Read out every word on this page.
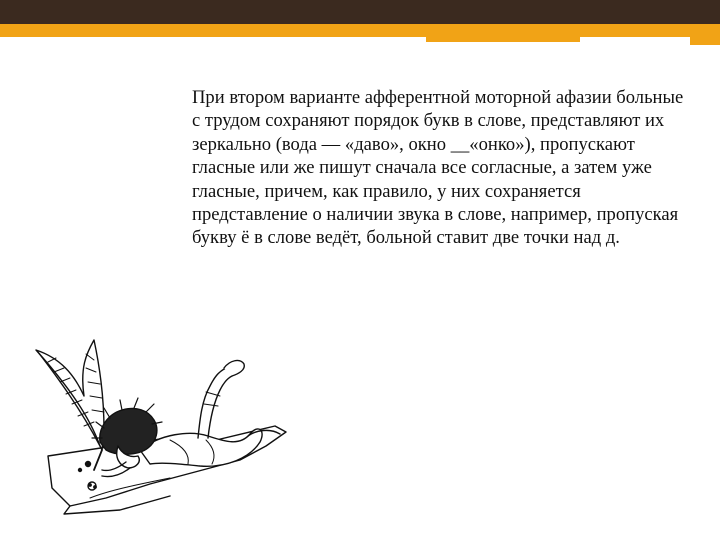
При втором варианте афферентной моторной афазии больные с трудом сохраняют порядок букв в слове, представляют их зеркально (вода — «даво», окно __«онко»), пропускают гласные или же пишут сначала все согласные, а затем уже гласные, причем, как правило, у них сохраняется представление о наличии звука в слове, например, пропуская букву ё в слове ведёт, больной ставит две точки над д.
